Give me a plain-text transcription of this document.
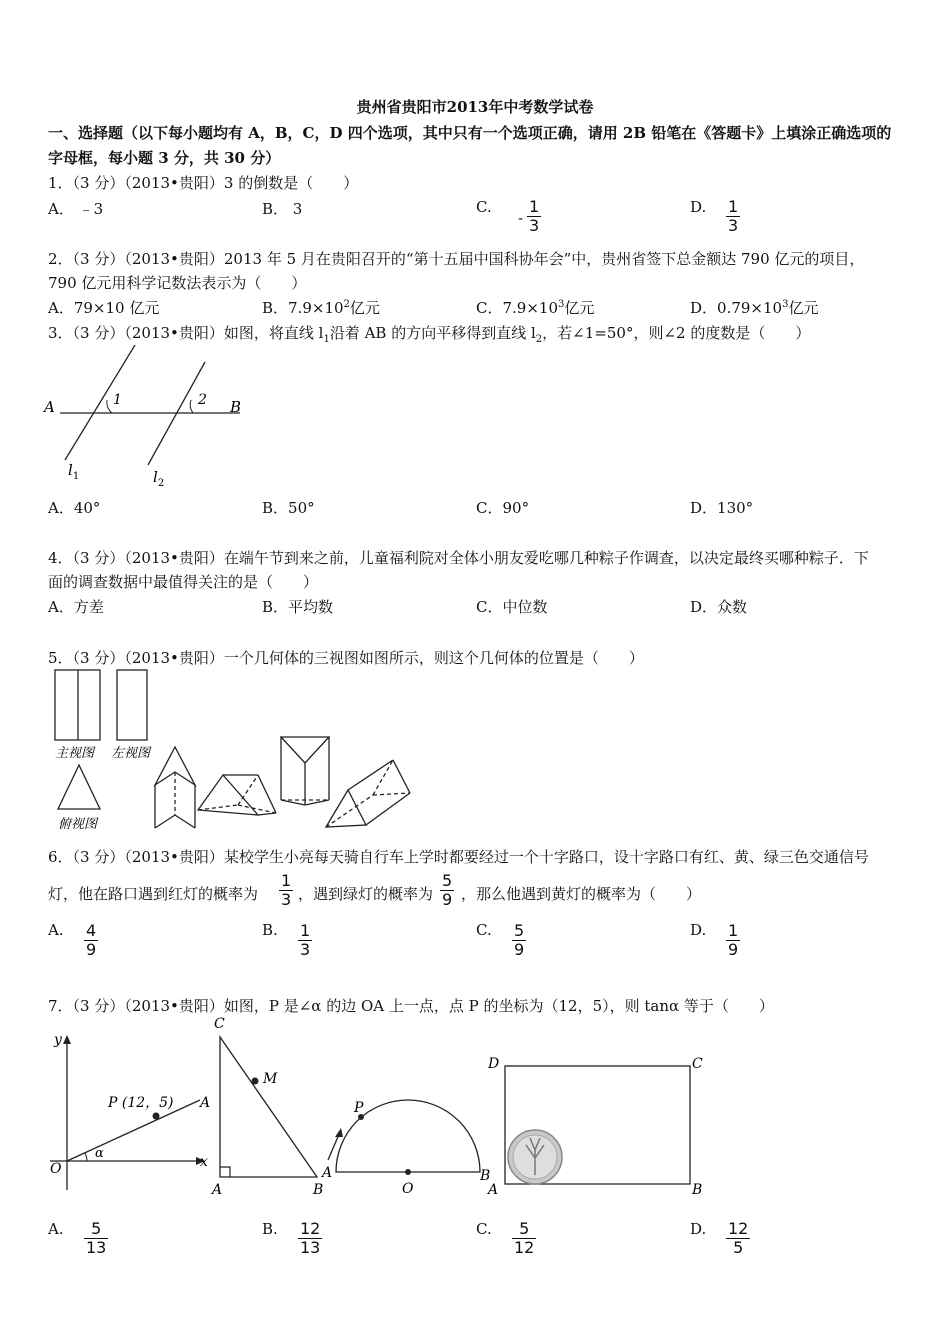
贵州省贵阳市2013年中考数学试卷
一、选择题（以下每小题均有 A，B，C，D 四个选项，其中只有一个选项正确，请用 2B 铅笔在《答题卡》上填涂正确选项的
字母框，每小题 3 分，共 30 分）
1．（3 分）（2013•贵阳）3 的倒数是（　　）
A． ﹣3	B． 3	C.
- $\frac{1}{3}$	D. $\frac{1}{3}$
2．（3 分）（2013•贵阳）2013 年 5 月在贵阳召开的“第十五届中国科协年会”中，贵州省签下总金额达 790 亿元的项目，
790 亿元用科学记数法表示为（　　）
A．79×10 亿元	B．$7.9\times 10^2$亿元	C．$7.9\times 10^3$亿元	D．$0.79\times 10^3$亿元
3．（3 分）（2013•贵阳）如图，将直线 $l_1$沿着 AB 的方向平移得到直线 $l_2$，若∠1=50°，则∠2 的度数是（　　）
A	B
1	2
$l_1$	$l_2$
A．40°	B．50°	C．90°	D．130°
4．（3 分）（2013•贵阳）在端午节到来之前，儿童福利院对全体小朋友爱吃哪几种粽子作调查，以决定最终买哪种粽子．下
面的调查数据中最值得关注的是（　　）
A．方差	B．平均数	C．中位数	D．众数
5．（3 分）（2013•贵阳）一个几何体的三视图如图所示，则这个几何体的位置是（　　）
主视图 左视图
俯视图
6．（3 分）（2013•贵阳）某校学生小亮每天骑自行车上学时都要经过一个十字路口，设十字路口有红、黄、绿三色交通信号
灯，他在路口遇到红灯的概率为 $\frac{1}{3}$ ，遇到绿灯的概率为 $\frac{5}{9}$ ，那么他遇到黄灯的概率为（　　）
A. $\frac{4}{9}$	B. $\frac{1}{3}$	C. $\frac{5}{9}$	D. $\frac{1}{9}$
7．（3 分）（2013•贵阳）如图，P 是∠α 的边 OA 上一点，点 P 的坐标为（12，5），则 tanα 等于（　　）
y
x
O
A
P (12，5)
α
C
M
A	B
P
A
O
B
D	C
A	B
A. $\frac{5}{13}$	B. $\frac{12}{13}$	C. $\frac{5}{12}$	D. $\frac{12}{5}$
